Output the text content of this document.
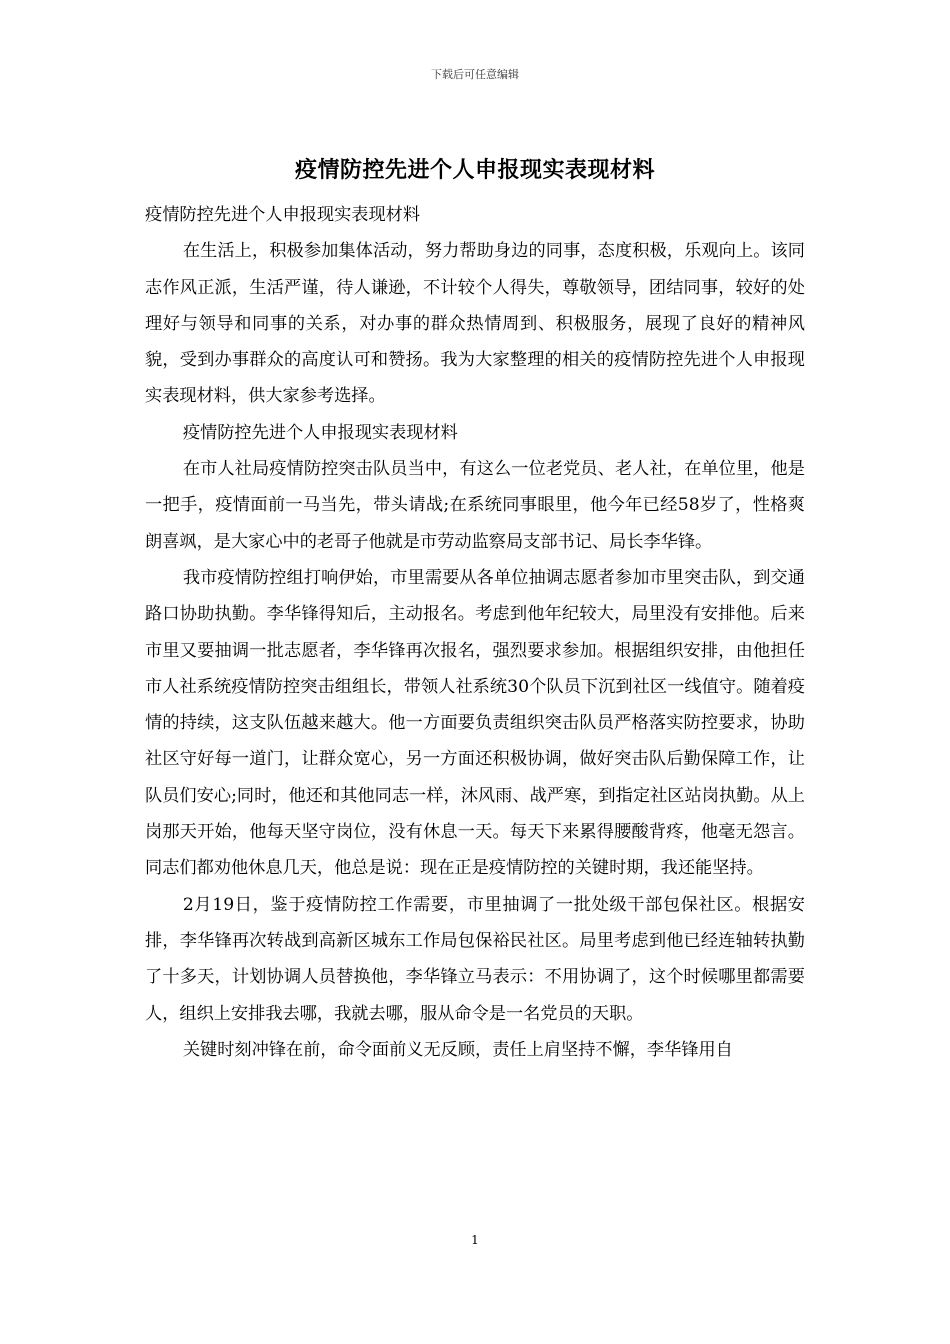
下载后可任意编辑
疫情防控先进个人申报现实表现材料

疫情防控先进个人申报现实表现材料

在生活上，积极参加集体活动，努力帮助身边的同事，态度积极，乐观向上。该同志作风正派，生活严谨，待人谦逊，不计较个人得失，尊敬领导，团结同事，较好的处理好与领导和同事的关系，对办事的群众热情周到、积极服务，展现了良好的精神风貌，受到办事群众的高度认可和赞扬。我为大家整理的相关的疫情防控先进个人申报现实表现材料，供大家参考选择。

疫情防控先进个人申报现实表现材料

在市人社局疫情防控突击队员当中，有这么一位老党员、老人社，在单位里，他是一把手，疫情面前一马当先，带头请战;在系统同事眼里，他今年已经58岁了，性格爽朗喜飒，是大家心中的老哥子他就是市劳动监察局支部书记、局长李华锋。

我市疫情防控组打响伊始，市里需要从各单位抽调志愿者参加市里突击队，到交通路口协助执勤。李华锋得知后，主动报名。考虑到他年纪较大，局里没有安排他。后来市里又要抽调一批志愿者，李华锋再次报名，强烈要求参加。根据组织安排，由他担任市人社系统疫情防控突击组组长，带领人社系统30个队员下沉到社区一线值守。随着疫情的持续，这支队伍越来越大。他一方面要负责组织突击队员严格落实防控要求，协助社区守好每一道门，让群众宽心，另一方面还积极协调，做好突击队后勤保障工作，让队员们安心;同时，他还和其他同志一样，沐风雨、战严寒，到指定社区站岗执勤。从上岗那天开始，他每天坚守岗位，没有休息一天。每天下来累得腰酸背疼，他毫无怨言。同志们都劝他休息几天，他总是说：现在正是疫情防控的关键时期，我还能坚持。

2月19日，鉴于疫情防控工作需要，市里抽调了一批处级干部包保社区。根据安排，李华锋再次转战到高新区城东工作局包保裕民社区。局里考虑到他已经连轴转执勤了十多天，计划协调人员替换他，李华锋立马表示：不用协调了，这个时候哪里都需要人，组织上安排我去哪，我就去哪，服从命令是一名党员的天职。

关键时刻冲锋在前，命令面前义无反顾，责任上肩坚持不懈，李华锋用自

1
